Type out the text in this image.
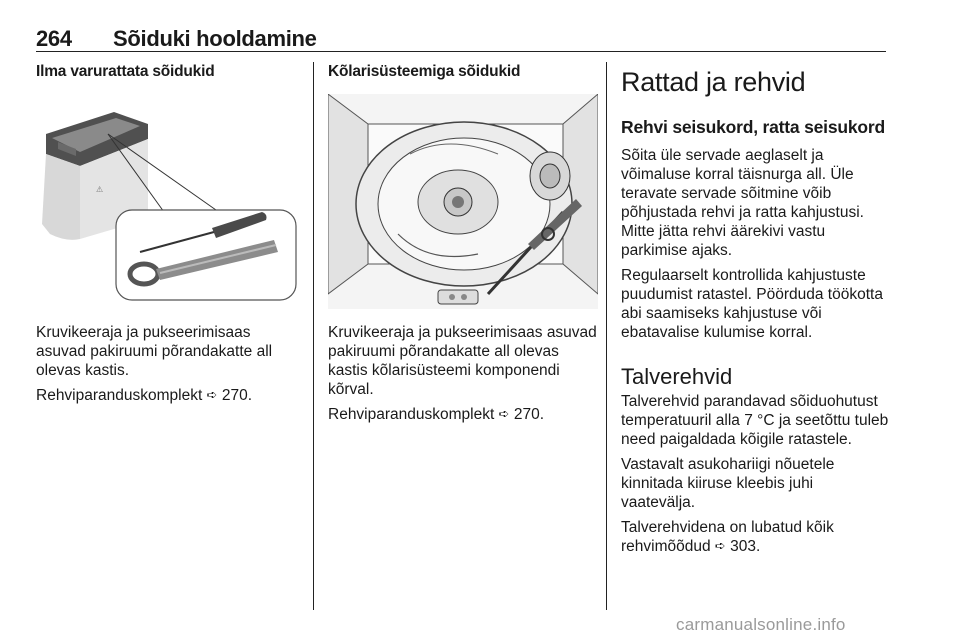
264 Sõiduki hooldamine
Ilma varurattata sõidukid
⚠
Kruvikeeraja ja pukseerimisaas asuvad pakiruumi põrandakatte all olevas kastis.
Rehviparanduskomplekt ➪ 270.
Kõlarisüsteemiga sõidukid
Kruvikeeraja ja pukseerimisaas asuvad pakiruumi põrandakatte all olevas kastis kõlarisüsteemi komponendi kõrval.
Rehviparanduskomplekt ➪ 270.
Rattad ja rehvid
Rehvi seisukord, ratta seisukord
Sõita üle servade aeglaselt ja võimaluse korral täisnurga all. Üle teravate servade sõitmine võib põhjustada rehvi ja ratta kahjustusi. Mitte jätta rehvi äärekivi vastu parkimise ajaks.
Regulaarselt kontrollida kahjustuste puudumist ratastel. Pöörduda töökotta abi saamiseks kahjustuse või ebatavalise kulumise korral.
Talverehvid
Talverehvid parandavad sõiduohutust temperatuuril alla 7 °C ja seetõttu tuleb need paigaldada kõigile ratastele.
Vastavalt asukohariigi nõuetele kinnitada kiiruse kleebis juhi vaatevälja.
Talverehvidena on lubatud kõik
rehvimõõdud ➪ 303.
carmanualsonline.info
